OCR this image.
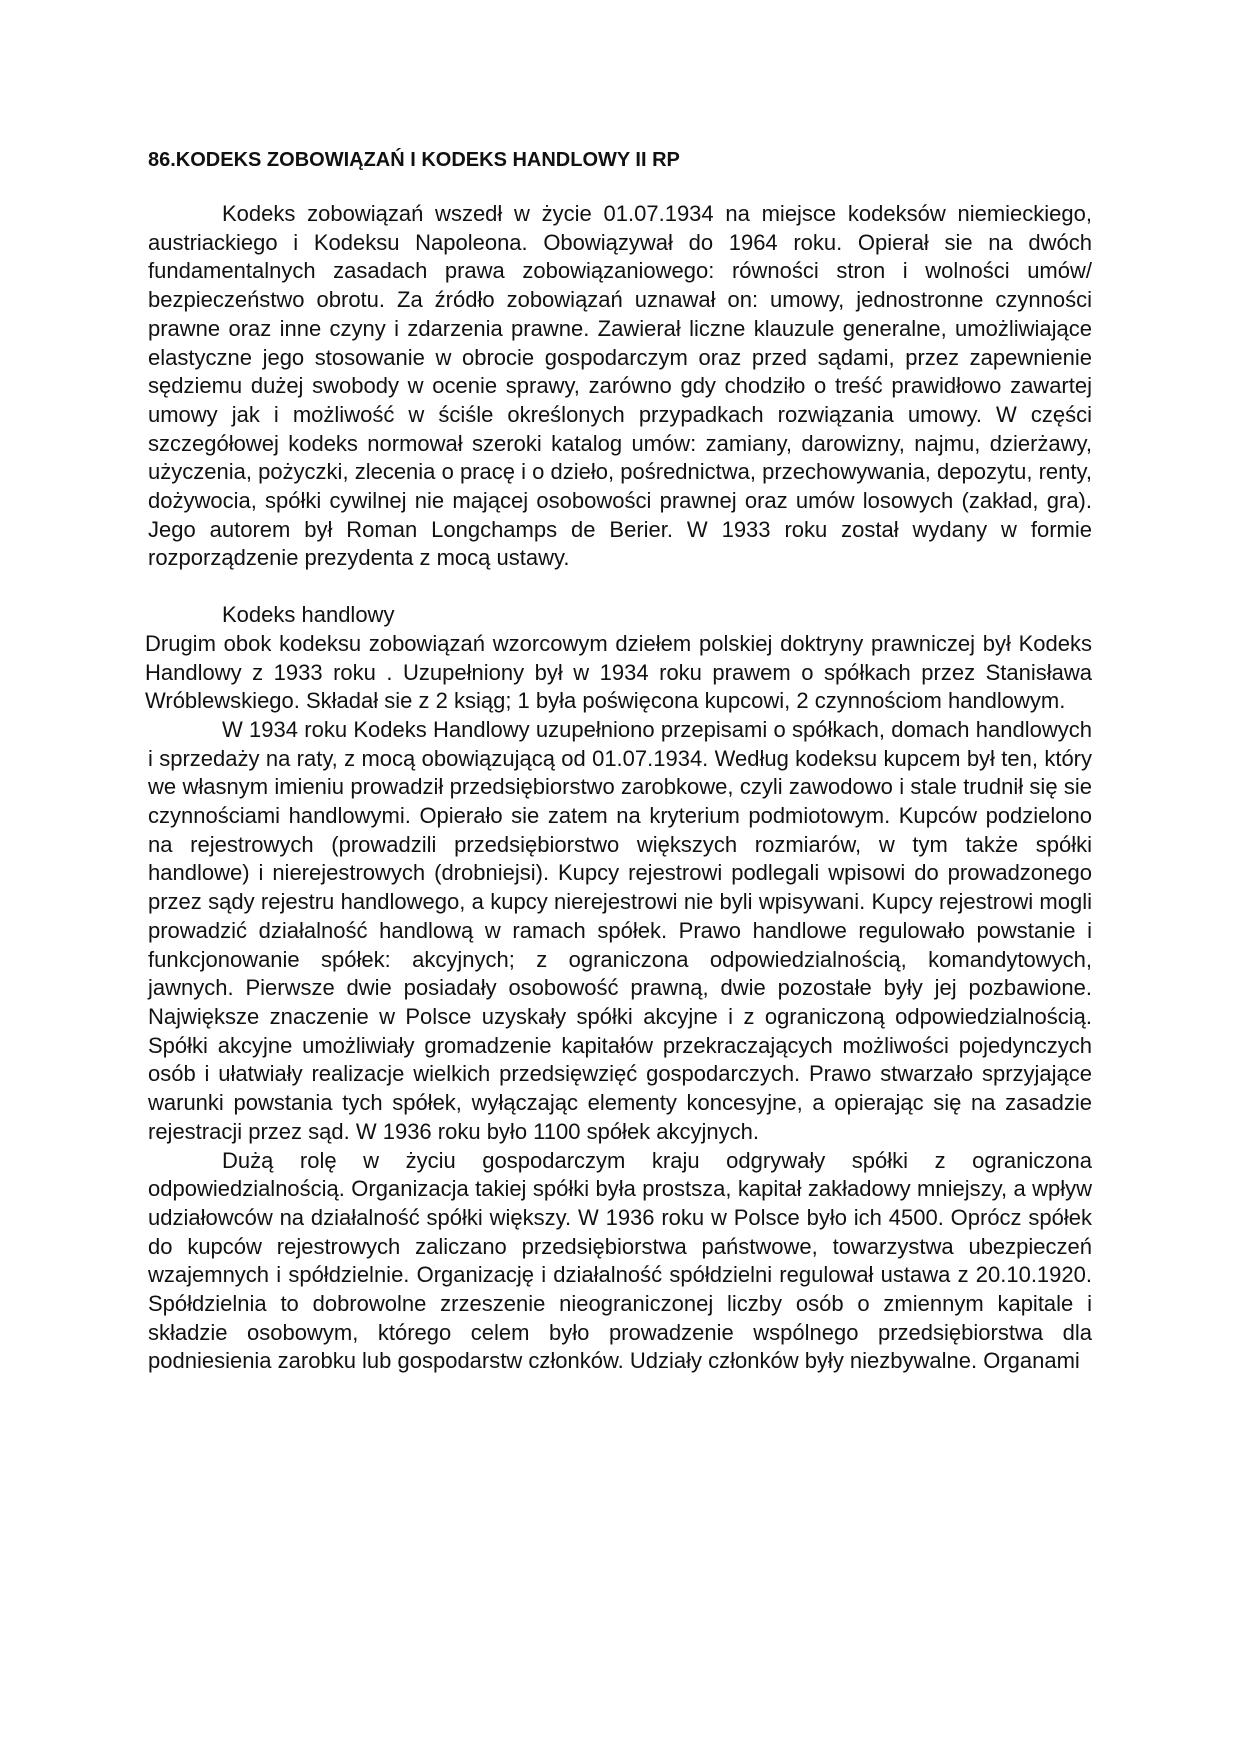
86.KODEKS ZOBOWIĄZAŃ I KODEKS HANDLOWY II RP

Kodeks zobowiązań wszedł w życie 01.07.1934 na miejsce kodeksów niemieckiego, austriackiego i Kodeksu Napoleona. Obowiązywał do 1964 roku. Opierał sie na dwóch fundamentalnych zasadach prawa zobowiązaniowego: równości stron i wolności umów/ bezpieczeństwo obrotu. Za źródło zobowiązań uznawał on: umowy, jednostronne czynności prawne oraz inne czyny i zdarzenia prawne. Zawierał liczne klauzule generalne, umożliwiające elastyczne jego stosowanie w obrocie gospodarczym oraz przed sądami, przez zapewnienie sędziemu dużej swobody w ocenie sprawy, zarówno gdy chodziło o treść prawidłowo zawartej umowy jak i możliwość w ściśle określonych przypadkach rozwiązania umowy. W części szczegółowej kodeks normował szeroki katalog umów: zamiany, darowizny, najmu, dzierżawy, użyczenia, pożyczki, zlecenia o pracę i o dzieło, pośrednictwa, przechowywania, depozytu, renty, dożywocia, spółki cywilnej nie mającej osobowości prawnej oraz umów losowych (zakład, gra). Jego autorem był Roman Longchamps de Berier. W 1933 roku został wydany w formie rozporządzenie prezydenta z mocą ustawy.

Kodeks handlowy

Drugim obok kodeksu zobowiązań wzorcowym dziełem polskiej doktryny prawniczej był Kodeks Handlowy z 1933 roku . Uzupełniony był w 1934 roku prawem o spółkach przez Stanisława Wróblewskiego. Składał sie z 2 ksiąg; 1 była poświęcona kupcowi, 2 czynnościom handlowym.

W 1934 roku Kodeks Handlowy uzupełniono przepisami o spółkach, domach handlowych i sprzedaży na raty, z mocą obowiązującą od 01.07.1934. Według kodeksu kupcem był ten, który we własnym imieniu prowadził przedsiębiorstwo zarobkowe, czyli zawodowo i stale trudnił się sie czynnościami handlowymi. Opierało sie zatem na kryterium podmiotowym. Kupców podzielono na rejestrowych (prowadzili przedsiębiorstwo większych rozmiarów, w tym także spółki handlowe) i nierejestrowych (drobniejsi). Kupcy rejestrowi podlegali wpisowi do prowadzonego przez sądy rejestru handlowego, a kupcy nierejestrowi nie byli wpisywani. Kupcy rejestrowi mogli prowadzić działalność handlową w ramach spółek. Prawo handlowe regulowało powstanie i funkcjonowanie spółek: akcyjnych; z ograniczona odpowiedzialnością, komandytowych, jawnych. Pierwsze dwie posiadały osobowość prawną, dwie pozostałe były jej pozbawione. Największe znaczenie w Polsce uzyskały spółki akcyjne i z ograniczoną odpowiedzialnością. Spółki akcyjne umożliwiały gromadzenie kapitałów przekraczających możliwości pojedynczych osób i ułatwiały realizacje wielkich przedsięwzięć gospodarczych. Prawo stwarzało sprzyjające warunki powstania tych spółek, wyłączając elementy koncesyjne, a opierając się na zasadzie rejestracji przez sąd. W 1936 roku było 1100 spółek akcyjnych.

Dużą rolę w życiu gospodarczym kraju odgrywały spółki z ograniczona odpowiedzialnością. Organizacja takiej spółki była prostsza, kapitał zakładowy mniejszy, a wpływ udziałowców na działalność spółki większy. W 1936 roku w Polsce było ich 4500. Oprócz spółek do kupców rejestrowych zaliczano przedsiębiorstwa państwowe, towarzystwa ubezpieczeń wzajemnych i spółdzielnie. Organizację i działalność spółdzielni regulował ustawa z 20.10.1920. Spółdzielnia to dobrowolne zrzeszenie nieograniczonej liczby osób o zmiennym kapitale i składzie osobowym, którego celem było prowadzenie wspólnego przedsiębiorstwa dla podniesienia zarobku lub gospodarstw członków. Udziały członków były niezbywalne. Organami
